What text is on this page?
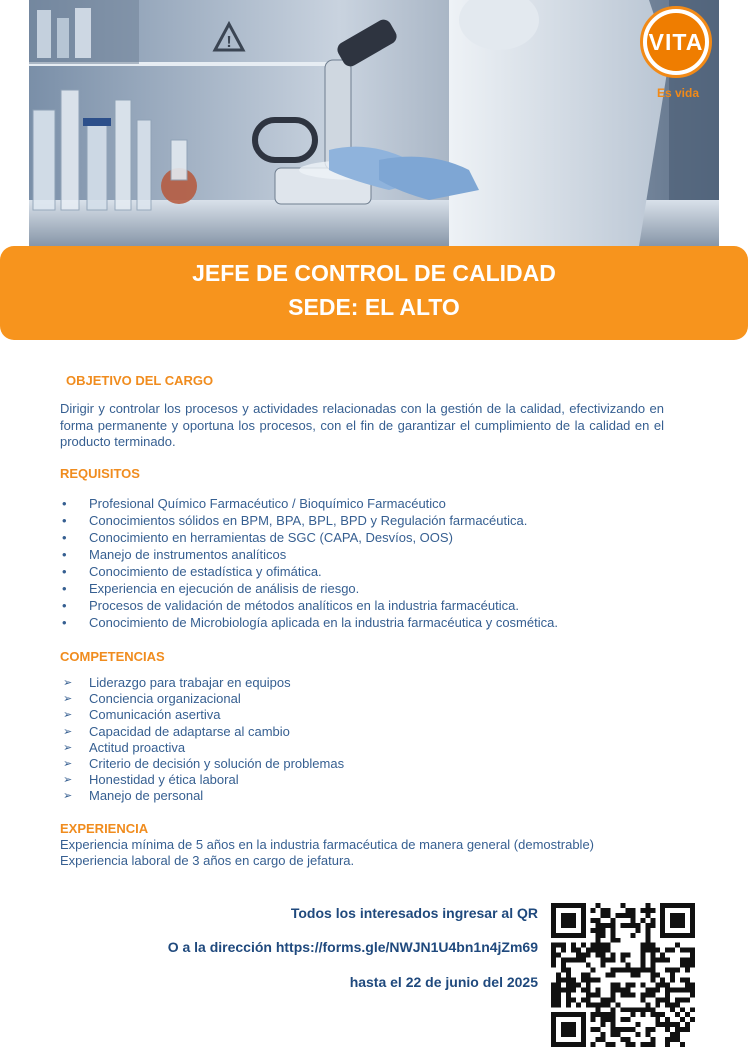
!	VITA
Es vida
JEFE DE CONTROL DE CALIDAD
SEDE: EL ALTO
OBJETIVO DEL CARGO
Dirigir y controlar los procesos y actividades relacionadas con la gestión de la calidad, efectivizando en forma permanente y oportuna los procesos, con el fin de garantizar el cumplimiento de la calidad en el producto terminado.
REQUISITOS
• Profesional Químico Farmacéutico / Bioquímico Farmacéutico
• Conocimientos sólidos en BPM, BPA, BPL, BPD y Regulación farmacéutica.
• Conocimiento en herramientas de SGC (CAPA, Desvíos, OOS)
• Manejo de instrumentos analíticos
• Conocimiento de estadística y ofimática.
• Experiencia en ejecución de análisis de riesgo.
• Procesos de validación de métodos analíticos en la industria farmacéutica.
• Conocimiento de Microbiología aplicada en la industria farmacéutica y cosmética.
COMPETENCIAS
➢ Liderazgo para trabajar en equipos
➢ Conciencia organizacional
➢ Comunicación asertiva
➢ Capacidad de adaptarse al cambio
➢ Actitud proactiva
➢ Criterio de decisión y solución de problemas
➢ Honestidad y ética laboral
➢ Manejo de personal
EXPERIENCIA
Experiencia mínima de 5 años en la industria farmacéutica de manera general (demostrable)
Experiencia laboral de 3 años en cargo de jefatura.
Todos los interesados ingresar al QR
O a la dirección https://forms.gle/NWJN1U4bn1n4jZm69
hasta el 22 de junio del 2025
